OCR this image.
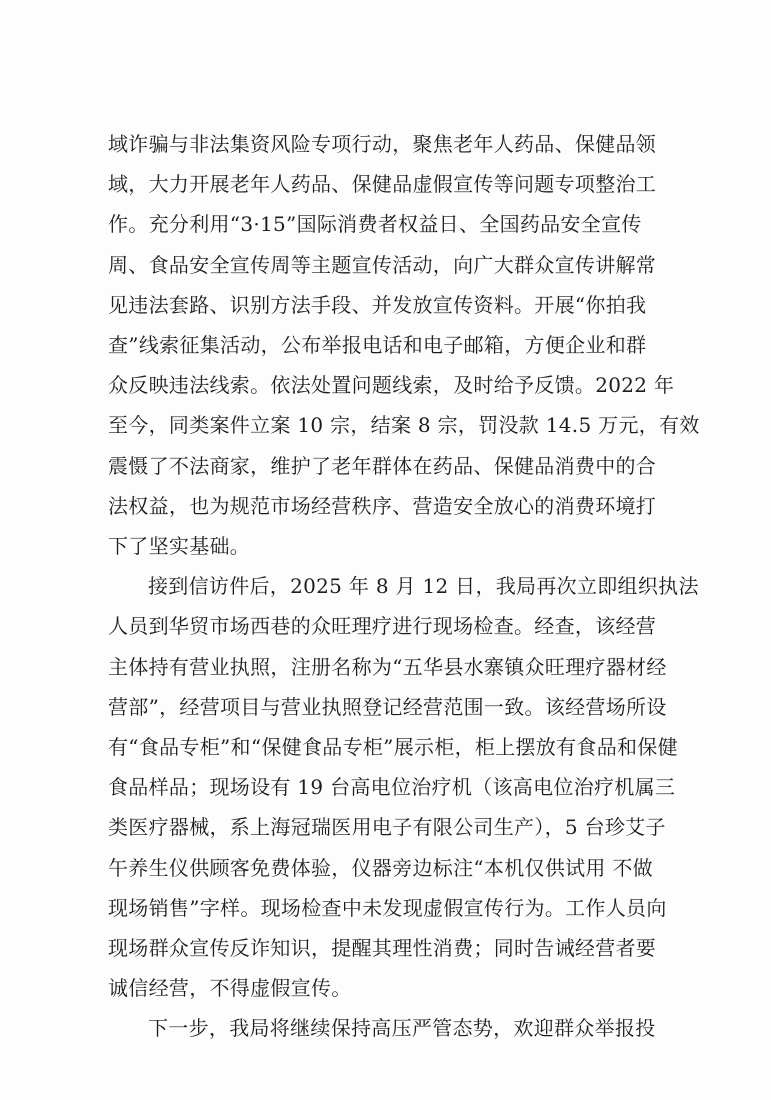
域诈骗与非法集资风险专项行动，聚焦老年人药品、保健品领
域，大力开展老年人药品、保健品虚假宣传等问题专项整治工
作。充分利用“3·15”国际消费者权益日、全国药品安全宣传
周、食品安全宣传周等主题宣传活动，向广大群众宣传讲解常
见违法套路、识别方法手段、并发放宣传资料。开展“你拍我
查”线索征集活动，公布举报电话和电子邮箱，方便企业和群
众反映违法线索。依法处置问题线索，及时给予反馈。2022 年
至今，同类案件立案 10 宗，结案 8 宗，罚没款 14.5 万元，有效
震慑了不法商家，维护了老年群体在药品、保健品消费中的合
法权益，也为规范市场经营秩序、营造安全放心的消费环境打
下了坚实基础。
接到信访件后，2025 年 8 月 12 日，我局再次立即组织执法
人员到华贸市场西巷的众旺理疗进行现场检查。经查，该经营
主体持有营业执照，注册名称为“五华县水寨镇众旺理疗器材经
营部”，经营项目与营业执照登记经营范围一致。该经营场所设
有“食品专柜”和“保健食品专柜”展示柜，柜上摆放有食品和保健
食品样品；现场设有 19 台高电位治疗机（该高电位治疗机属三
类医疗器械，系上海冠瑞医用电子有限公司生产），5 台珍艾子
午养生仪供顾客免费体验，仪器旁边标注“本机仅供试用 不做
现场销售”字样。现场检查中未发现虚假宣传行为。工作人员向
现场群众宣传反诈知识，提醒其理性消费；同时告诫经营者要
诚信经营，不得虚假宣传。
下一步，我局将继续保持高压严管态势，欢迎群众举报投
